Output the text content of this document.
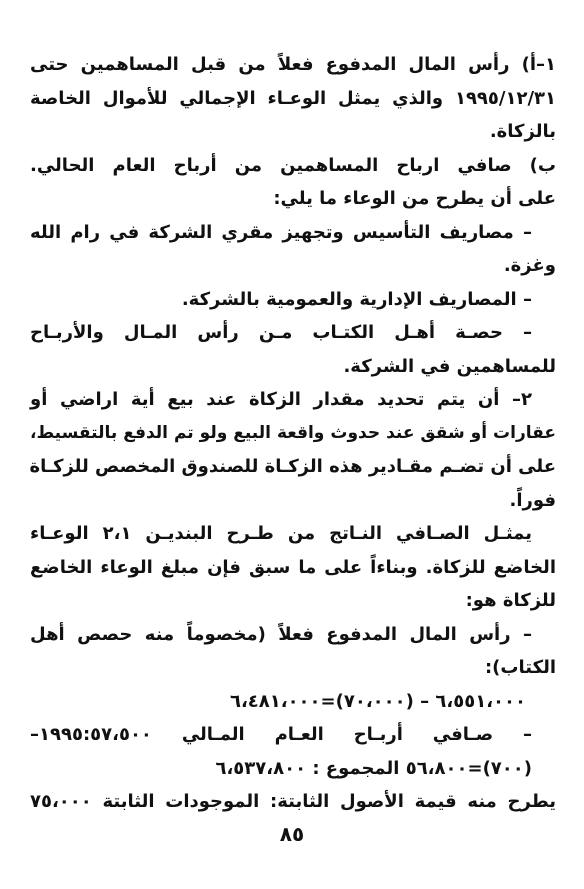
١–أ) رأس المال المدفوع فعلاً من قبل المساهمين حتى
١٩٩٥/١٢/٣١ والذي يمثل الوعـاء الإجمالي للأموال الخاصة
بالزكاة.
ب) صافي ارباح المساهمين من أرباح العام الحالي.
على أن يطرح من الوعاء ما يلي:
– مصاريف التأسيس وتجهيز مقري الشركة في رام الله
وغزة.
– المصاريف الإدارية والعمومية بالشركة.
– حصـة أهـل الكتـاب مـن رأس المـال والأربـاح
للمساهمين في الشركة.
٢– أن يتم تحديد مقدار الزكاة عند بيع أية اراضي أو
عقارات أو شقق عند حدوث واقعة البيع ولو تم الدفع بالتقسيط،
على أن تضـم مقـادير هذه الزكـاة للصندوق المخصص للزكـاة
فوراً.
يمثـل الصـافي النـاتج من طـرح البنديـن ٢،١ الوعـاء
الخاضع للزكاة. وبناءاً على ما سبق فإن مبلغ الوعاء الخاضع
للزكاة هو:
– رأس المال المدفوع فعلاً (مخصوماً منه حصص أهل
الكتاب):
٦،٥٥١،٠٠٠ – (٧٠،٠٠٠)=٦،٤٨١،٠٠٠
– صـافي أربـاح العـام المـالي ١٩٩٥:٥٧،٥٠٠–
(٧٠٠)=٥٦،٨٠٠ المجموع : ٦،٥٣٧،٨٠٠
يطرح منه قيمة الأصول الثابتة: الموجودات الثابتة ٧٥،٠٠٠
٨٥
